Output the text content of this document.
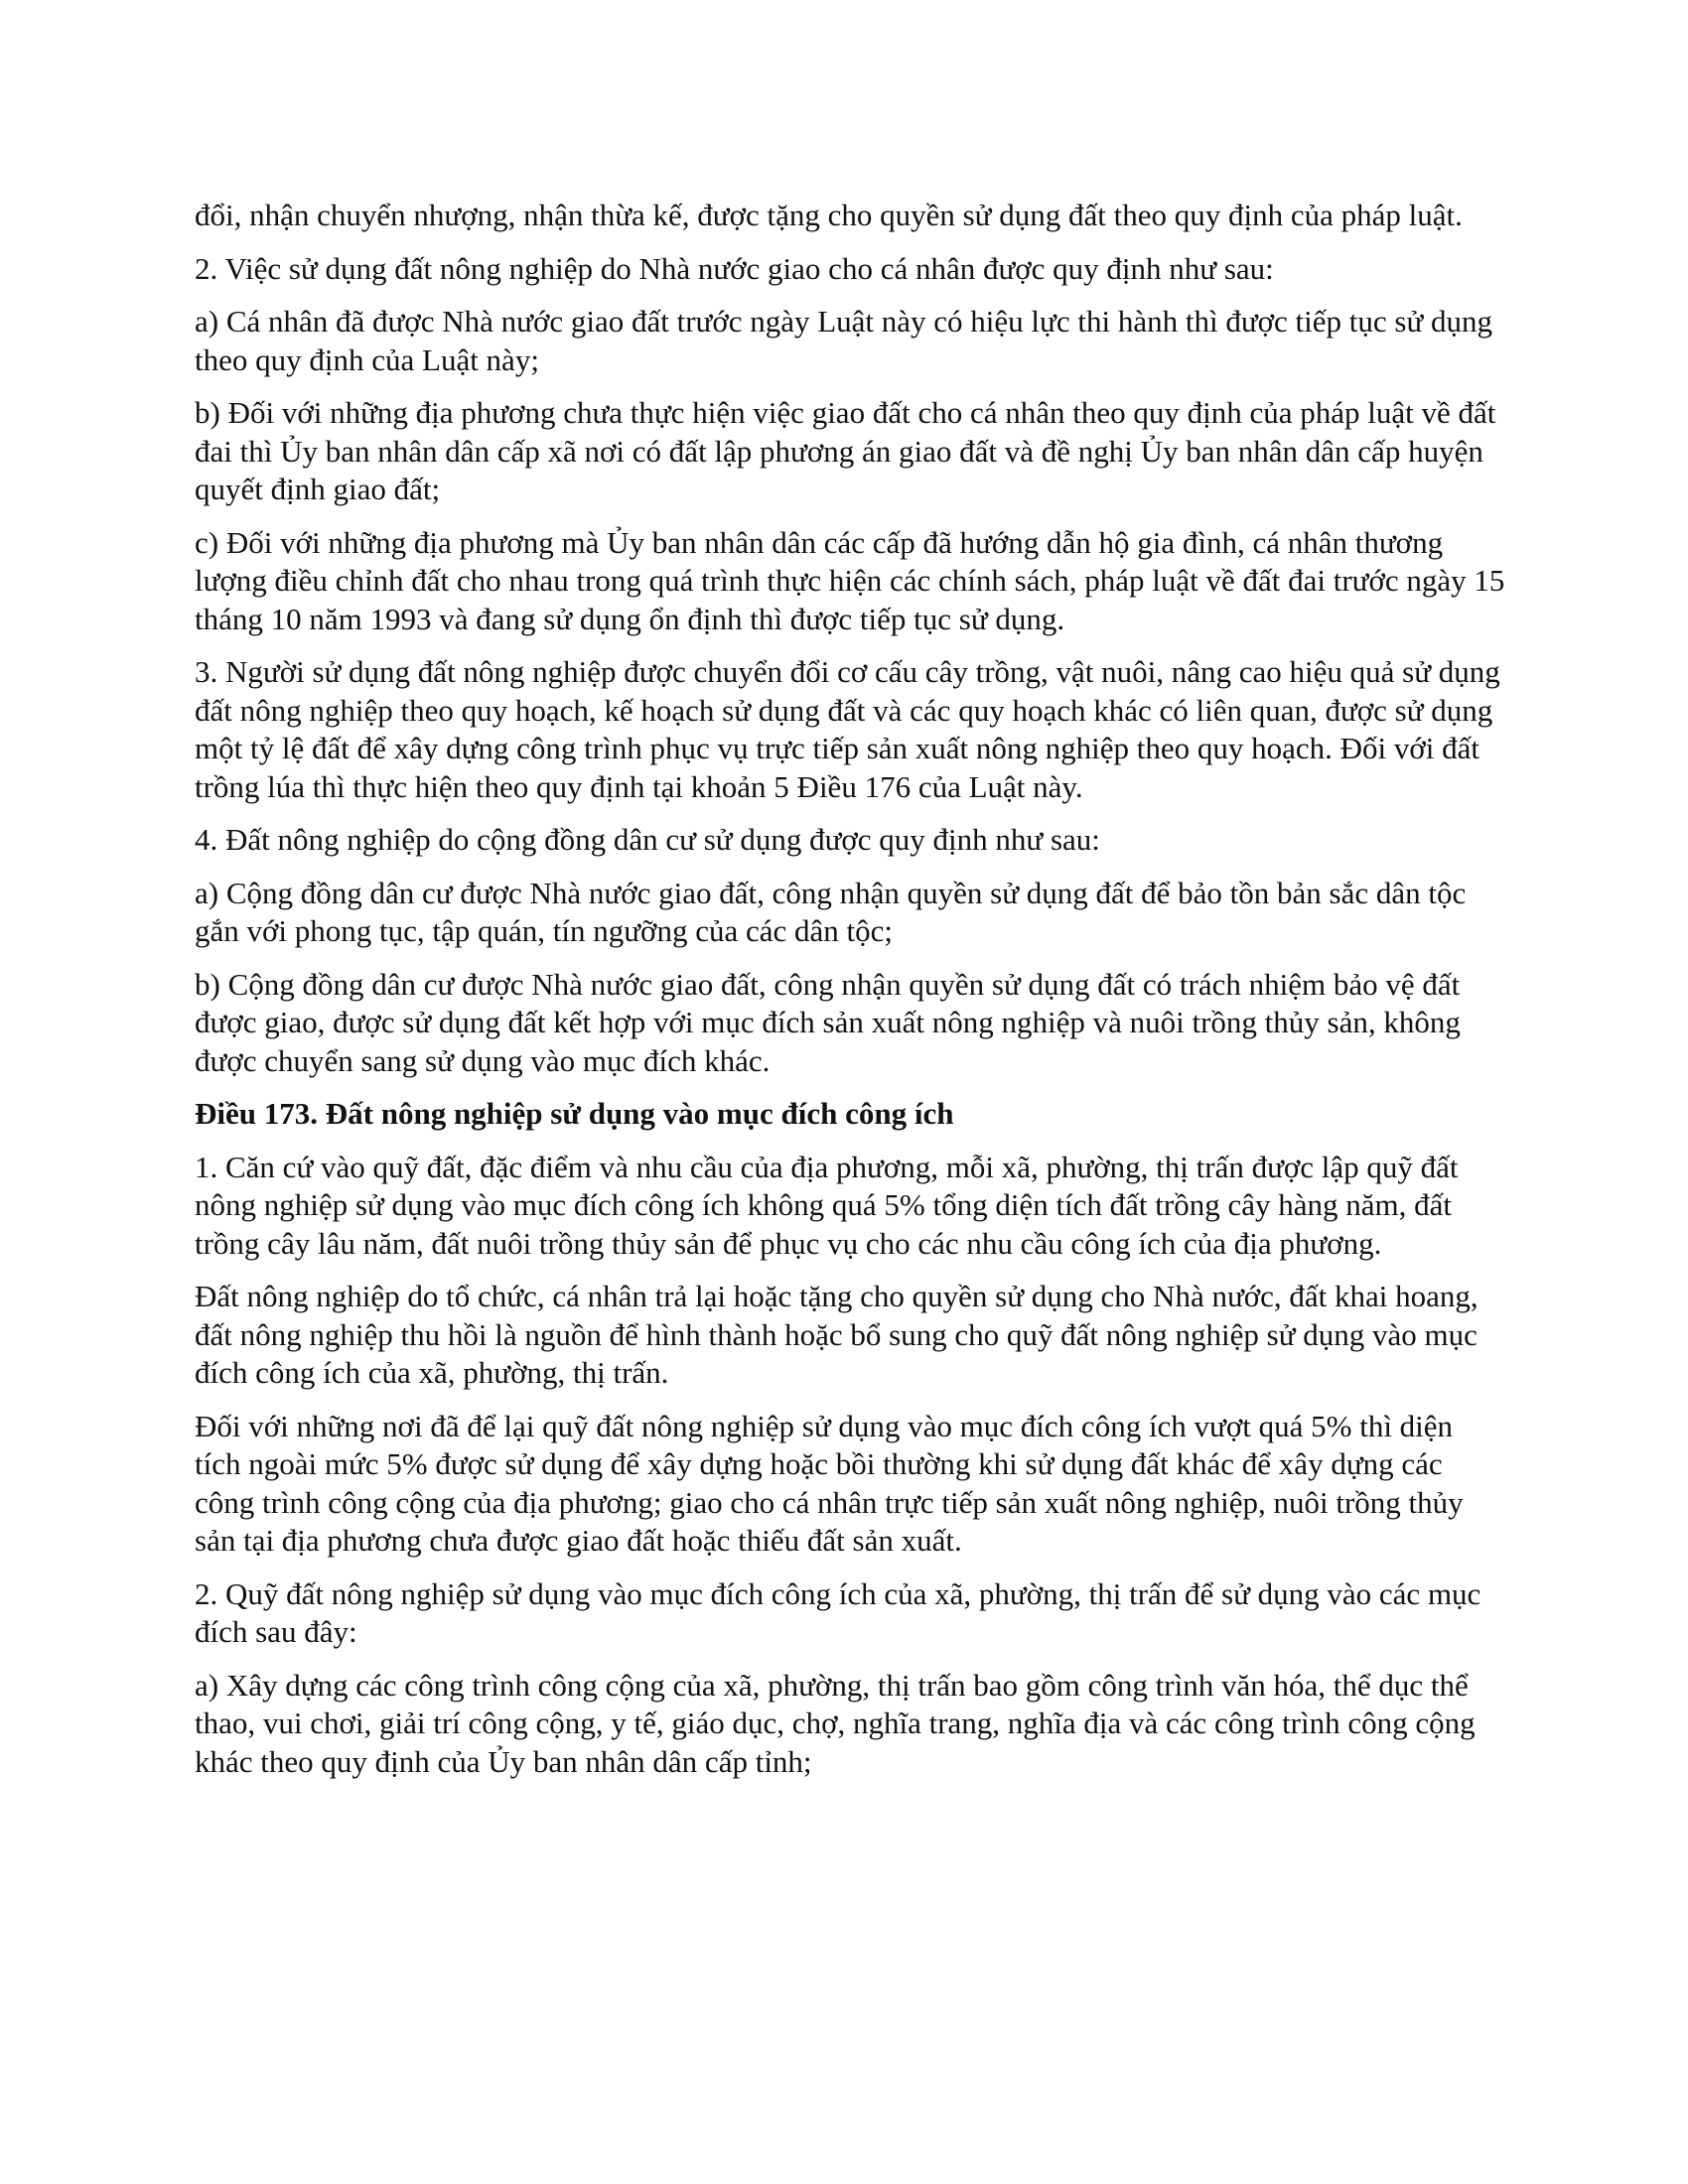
đổi, nhận chuyển nhượng, nhận thừa kế, được tặng cho quyền sử dụng đất theo quy định của pháp luật.

2. Việc sử dụng đất nông nghiệp do Nhà nước giao cho cá nhân được quy định như sau:

a) Cá nhân đã được Nhà nước giao đất trước ngày Luật này có hiệu lực thi hành thì được tiếp tục sử dụng theo quy định của Luật này;

b) Đối với những địa phương chưa thực hiện việc giao đất cho cá nhân theo quy định của pháp luật về đất đai thì Ủy ban nhân dân cấp xã nơi có đất lập phương án giao đất và đề nghị Ủy ban nhân dân cấp huyện quyết định giao đất;

c) Đối với những địa phương mà Ủy ban nhân dân các cấp đã hướng dẫn hộ gia đình, cá nhân thương lượng điều chỉnh đất cho nhau trong quá trình thực hiện các chính sách, pháp luật về đất đai trước ngày 15 tháng 10 năm 1993 và đang sử dụng ổn định thì được tiếp tục sử dụng.

3. Người sử dụng đất nông nghiệp được chuyển đổi cơ cấu cây trồng, vật nuôi, nâng cao hiệu quả sử dụng đất nông nghiệp theo quy hoạch, kế hoạch sử dụng đất và các quy hoạch khác có liên quan, được sử dụng một tỷ lệ đất để xây dựng công trình phục vụ trực tiếp sản xuất nông nghiệp theo quy hoạch. Đối với đất trồng lúa thì thực hiện theo quy định tại khoản 5 Điều 176 của Luật này.

4. Đất nông nghiệp do cộng đồng dân cư sử dụng được quy định như sau:

a) Cộng đồng dân cư được Nhà nước giao đất, công nhận quyền sử dụng đất để bảo tồn bản sắc dân tộc gắn với phong tục, tập quán, tín ngưỡng của các dân tộc;

b) Cộng đồng dân cư được Nhà nước giao đất, công nhận quyền sử dụng đất có trách nhiệm bảo vệ đất được giao, được sử dụng đất kết hợp với mục đích sản xuất nông nghiệp và nuôi trồng thủy sản, không được chuyển sang sử dụng vào mục đích khác.

Điều 173. Đất nông nghiệp sử dụng vào mục đích công ích

1. Căn cứ vào quỹ đất, đặc điểm và nhu cầu của địa phương, mỗi xã, phường, thị trấn được lập quỹ đất nông nghiệp sử dụng vào mục đích công ích không quá 5% tổng diện tích đất trồng cây hàng năm, đất trồng cây lâu năm, đất nuôi trồng thủy sản để phục vụ cho các nhu cầu công ích của địa phương.

Đất nông nghiệp do tổ chức, cá nhân trả lại hoặc tặng cho quyền sử dụng cho Nhà nước, đất khai hoang, đất nông nghiệp thu hồi là nguồn để hình thành hoặc bổ sung cho quỹ đất nông nghiệp sử dụng vào mục đích công ích của xã, phường, thị trấn.

Đối với những nơi đã để lại quỹ đất nông nghiệp sử dụng vào mục đích công ích vượt quá 5% thì diện tích ngoài mức 5% được sử dụng để xây dựng hoặc bồi thường khi sử dụng đất khác để xây dựng các công trình công cộng của địa phương; giao cho cá nhân trực tiếp sản xuất nông nghiệp, nuôi trồng thủy sản tại địa phương chưa được giao đất hoặc thiếu đất sản xuất.

2. Quỹ đất nông nghiệp sử dụng vào mục đích công ích của xã, phường, thị trấn để sử dụng vào các mục đích sau đây:

a) Xây dựng các công trình công cộng của xã, phường, thị trấn bao gồm công trình văn hóa, thể dục thể thao, vui chơi, giải trí công cộng, y tế, giáo dục, chợ, nghĩa trang, nghĩa địa và các công trình công cộng khác theo quy định của Ủy ban nhân dân cấp tỉnh;
